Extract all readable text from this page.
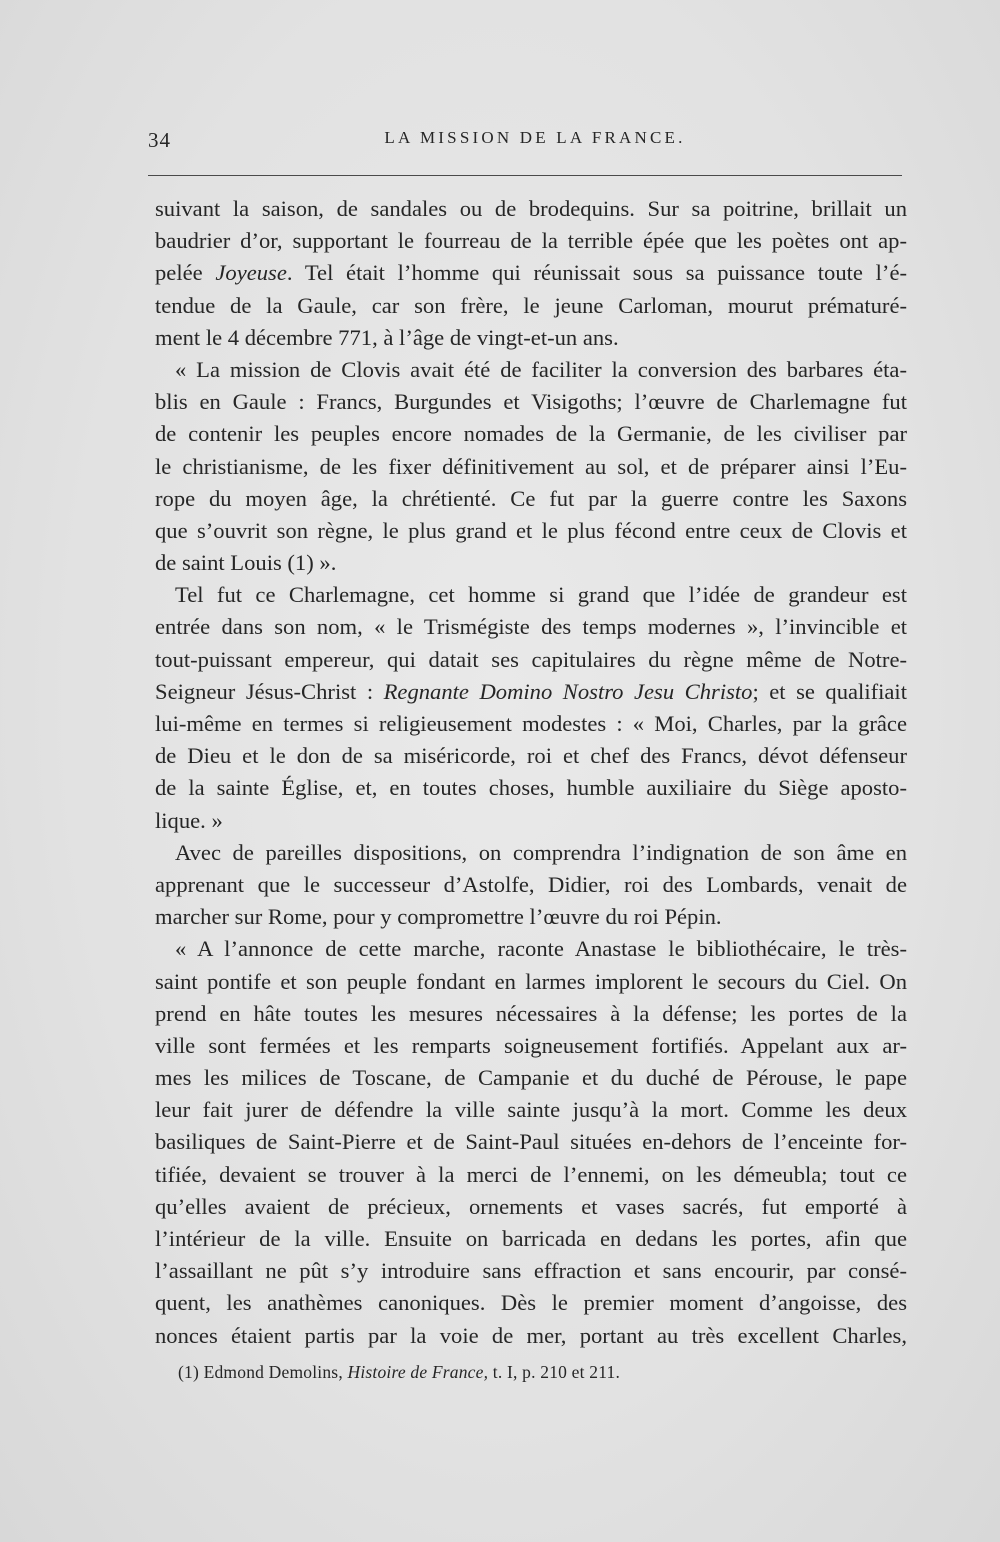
34	LA MISSION DE LA FRANCE.
suivant la saison, de sandales ou de brodequins. Sur sa poitrine, brillait un
baudrier d’or, supportant le fourreau de la terrible épée que les poètes ont ap-
pelée Joyeuse. Tel était l’homme qui réunissait sous sa puissance toute l’é-
tendue de la Gaule, car son frère, le jeune Carloman, mourut prématuré-
ment le 4 décembre 771, à l’âge de vingt-et-un ans.
« La mission de Clovis avait été de faciliter la conversion des barbares éta-
blis en Gaule : Francs, Burgundes et Visigoths; l’œuvre de Charlemagne fut
de contenir les peuples encore nomades de la Germanie, de les civiliser par
le christianisme, de les fixer définitivement au sol, et de préparer ainsi l’Eu-
rope du moyen âge, la chrétienté. Ce fut par la guerre contre les Saxons
que s’ouvrit son règne, le plus grand et le plus fécond entre ceux de Clovis et
de saint Louis (1) ».
Tel fut ce Charlemagne, cet homme si grand que l’idée de grandeur est
entrée dans son nom, « le Trismégiste des temps modernes », l’invincible et
tout-puissant empereur, qui datait ses capitulaires du règne même de Notre-
Seigneur Jésus-Christ : Regnante Domino Nostro Jesu Christo; et se qualifiait
lui-même en termes si religieusement modestes : « Moi, Charles, par la grâce
de Dieu et le don de sa miséricorde, roi et chef des Francs, dévot défenseur
de la sainte Église, et, en toutes choses, humble auxiliaire du Siège aposto-
lique. »
Avec de pareilles dispositions, on comprendra l’indignation de son âme en
apprenant que le successeur d’Astolfe, Didier, roi des Lombards, venait de
marcher sur Rome, pour y compromettre l’œuvre du roi Pépin.
« A l’annonce de cette marche, raconte Anastase le bibliothécaire, le très-
saint pontife et son peuple fondant en larmes implorent le secours du Ciel. On
prend en hâte toutes les mesures nécessaires à la défense; les portes de la
ville sont fermées et les remparts soigneusement fortifiés. Appelant aux ar-
mes les milices de Toscane, de Campanie et du duché de Pérouse, le pape
leur fait jurer de défendre la ville sainte jusqu’à la mort. Comme les deux
basiliques de Saint-Pierre et de Saint-Paul situées en-dehors de l’enceinte for-
tifiée, devaient se trouver à la merci de l’ennemi, on les démeubla; tout ce
qu’elles avaient de précieux, ornements et vases sacrés, fut emporté à
l’intérieur de la ville. Ensuite on barricada en dedans les portes, afin que
l’assaillant ne pût s’y introduire sans effraction et sans encourir, par consé-
quent, les anathèmes canoniques. Dès le premier moment d’angoisse, des
nonces étaient partis par la voie de mer, portant au très excellent Charles,
(1) Edmond Demolins, Histoire de France, t. I, p. 210 et 211.
